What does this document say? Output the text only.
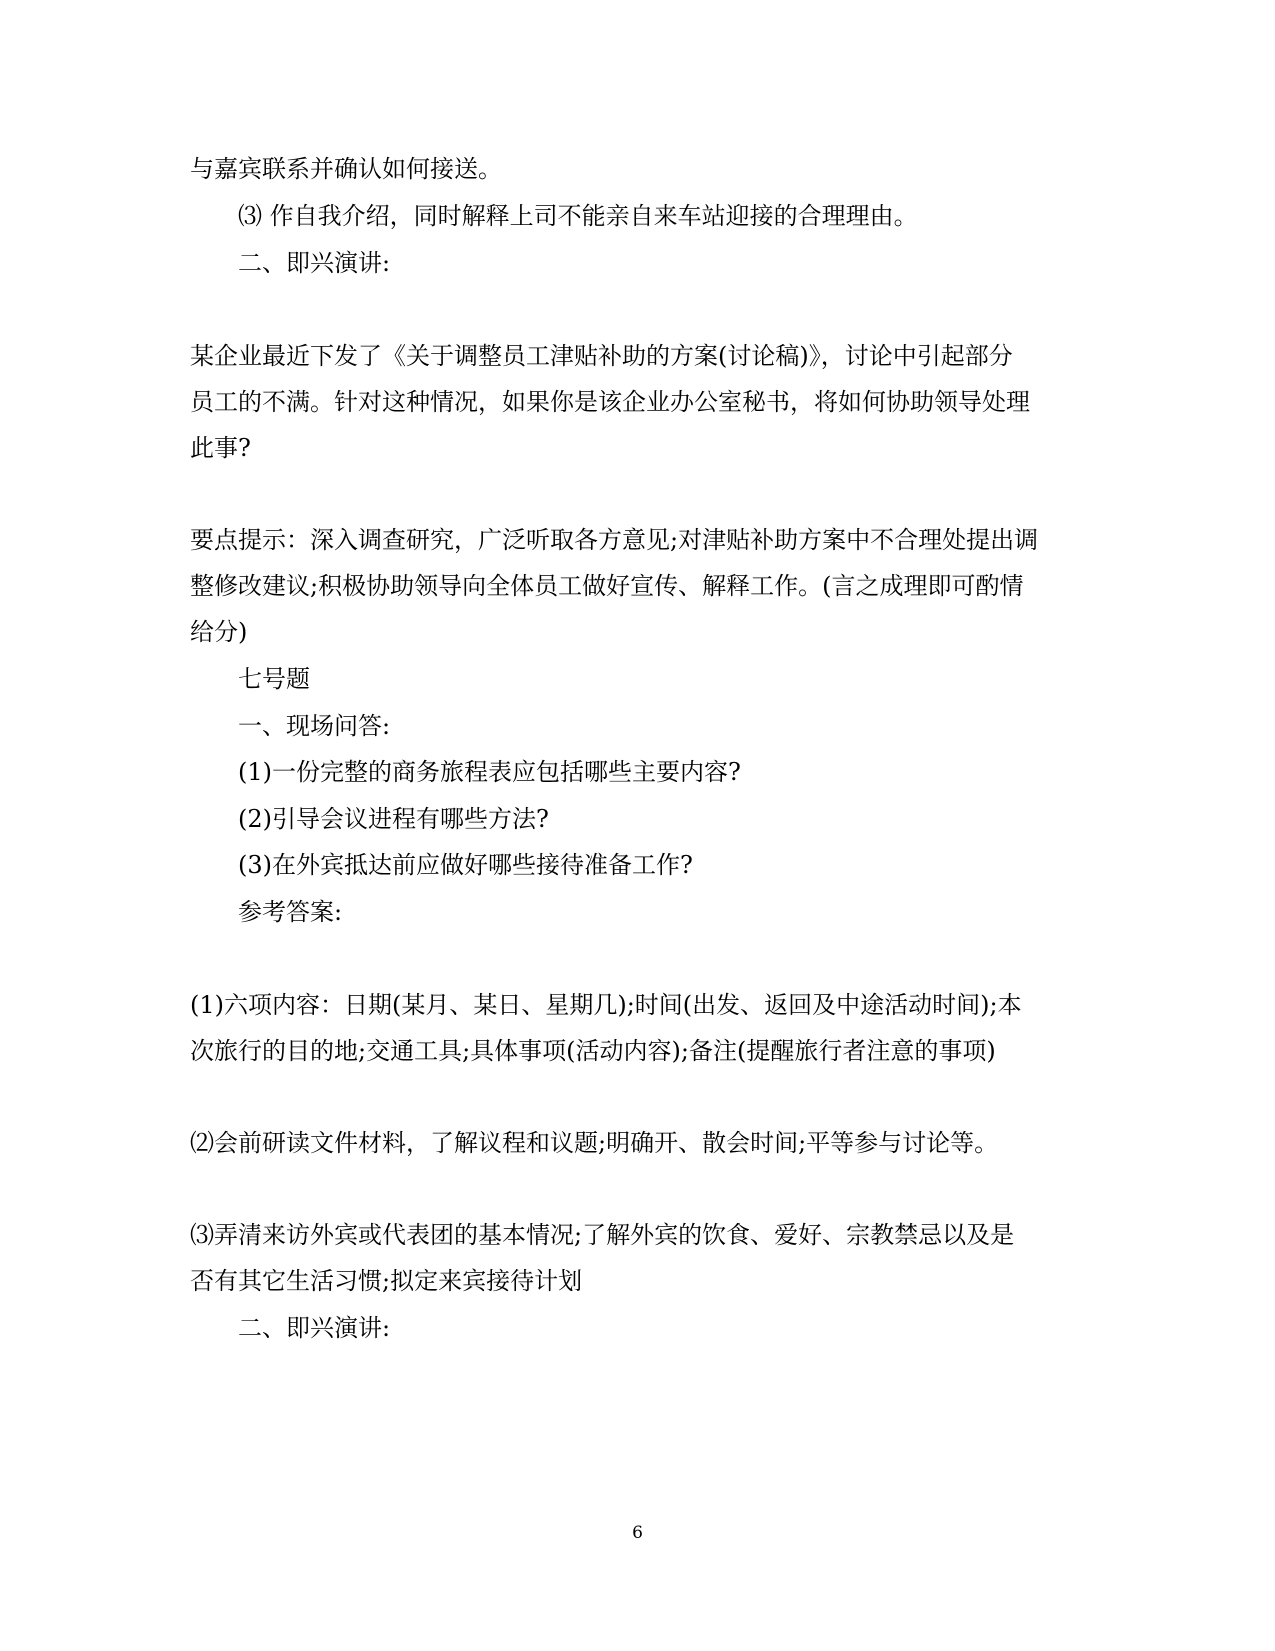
与嘉宾联系并确认如何接送。
⑶ 作自我介绍，同时解释上司不能亲自来车站迎接的合理理由。
二、即兴演讲:
某企业最近下发了《关于调整员工津贴补助的方案(讨论稿)》，讨论中引起部分
员工的不满。针对这种情况，如果你是该企业办公室秘书，将如何协助领导处理
此事?
要点提示：深入调查研究，广泛听取各方意见;对津贴补助方案中不合理处提出调
整修改建议;积极协助领导向全体员工做好宣传、解释工作。(言之成理即可酌情
给分)
七号题
一、现场问答:
(1)一份完整的商务旅程表应包括哪些主要内容?
(2)引导会议进程有哪些方法?
(3)在外宾抵达前应做好哪些接待准备工作?
参考答案:
(1)六项内容：日期(某月、某日、星期几);时间(出发、返回及中途活动时间);本
次旅行的目的地;交通工具;具体事项(活动内容);备注(提醒旅行者注意的事项)
⑵会前研读文件材料，了解议程和议题;明确开、散会时间;平等参与讨论等。
⑶弄清来访外宾或代表团的基本情况;了解外宾的饮食、爱好、宗教禁忌以及是
否有其它生活习惯;拟定来宾接待计划
二、即兴演讲:
6
